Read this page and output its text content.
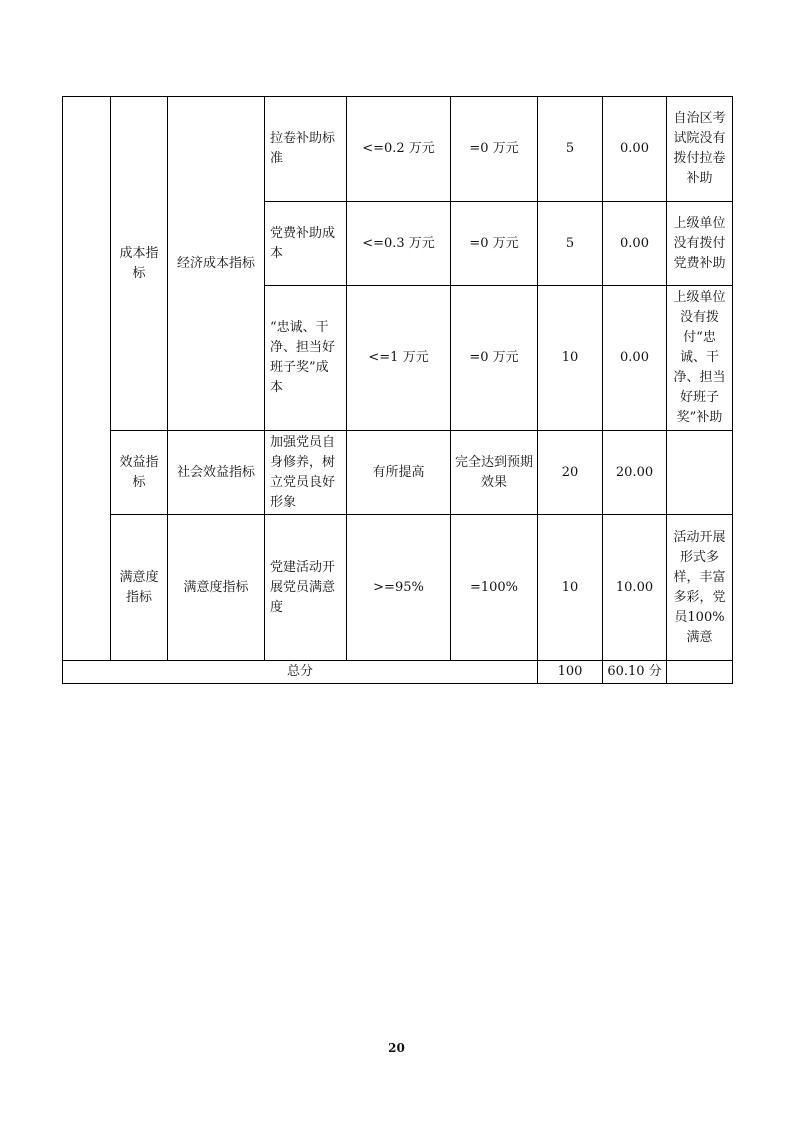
	成本指标	经济成本指标	拉卷补助标准	<=0.2 万元	=0 万元	5	0.00	自治区考试院没有拨付拉卷补助

			党费补助成本	<=0.3 万元	=0 万元	5	0.00	上级单位没有拨付党费补助

			“忠诚、干净、担当好班子奖”成本	<=1 万元	=0 万元	10	0.00	上级单位没有拨付“忠诚、干净、担当好班子奖”补助

	效益指标	社会效益指标	加强党员自身修养，树立党员良好形象	有所提高	完全达到预期效果	20	20.00	

	满意度指标	满意度指标	党建活动开展党员满意度	>=95%	=100%	10	10.00	活动开展形式多样，丰富多彩，党员100%满意

总分						100	60.10 分	

20
